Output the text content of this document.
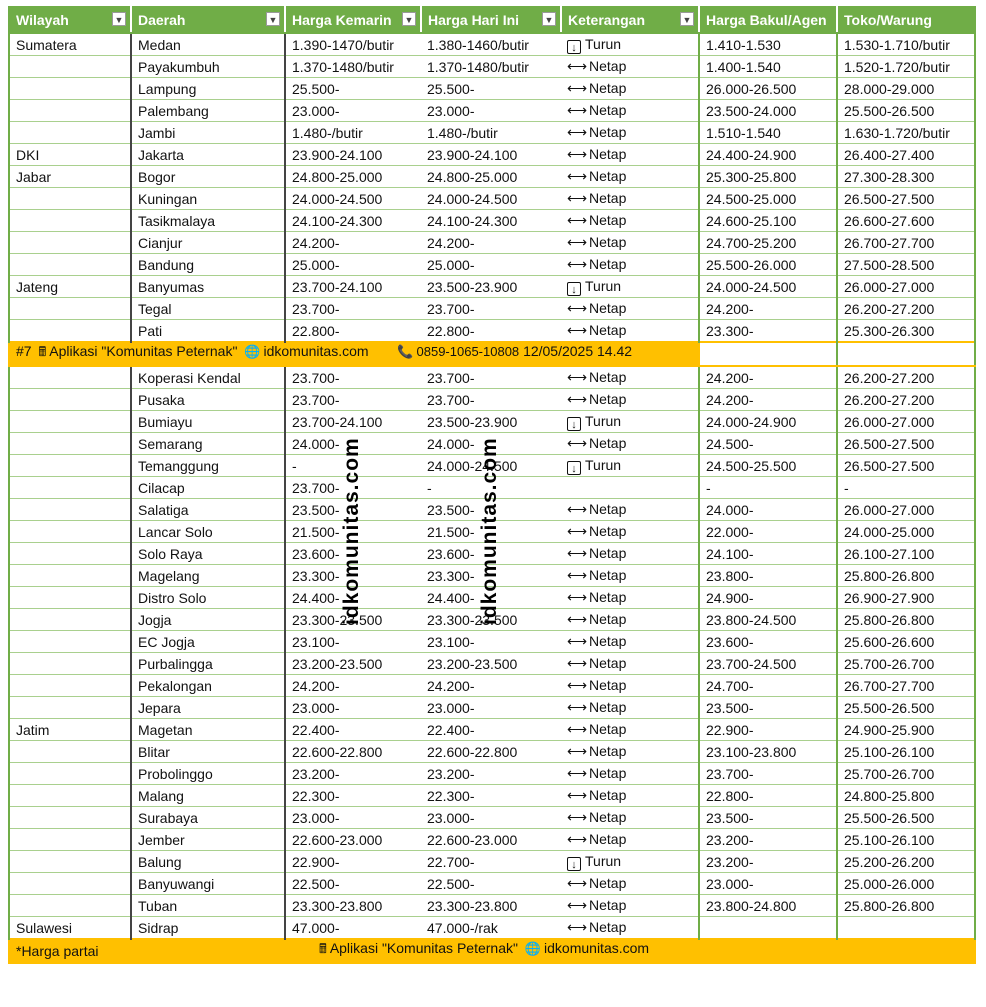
Wilayah ▼	Daerah ▼	Harga Kemarin ▼	Harga Hari Ini ▼	Keterangan ▼	Harga Bakul/Agen	Toko/Warung
Sumatera	Medan	1.390-1470/butir	1.380-1460/butir	↓ Turun	1.410-1.530	1.530-1.710/butir
	Payakumbuh	1.370-1480/butir	1.370-1480/butir	⟷ Netap	1.400-1.540	1.520-1.720/butir
	Lampung	25.500-	25.500-	⟷ Netap	26.000-26.500	28.000-29.000
	Palembang	23.000-	23.000-	⟷ Netap	23.500-24.000	25.500-26.500
	Jambi	1.480-/butir	1.480-/butir	⟷ Netap	1.510-1.540	1.630-1.720/butir
DKI	Jakarta	23.900-24.100	23.900-24.100	⟷ Netap	24.400-24.900	26.400-27.400
Jabar	Bogor	24.800-25.000	24.800-25.000	⟷ Netap	25.300-25.800	27.300-28.300
	Kuningan	24.000-24.500	24.000-24.500	⟷ Netap	24.500-25.000	26.500-27.500
	Tasikmalaya	24.100-24.300	24.100-24.300	⟷ Netap	24.600-25.100	26.600-27.600
	Cianjur	24.200-	24.200-	⟷ Netap	24.700-25.200	26.700-27.700
	Bandung	25.000-	25.000-	⟷ Netap	25.500-26.000	27.500-28.500
Jateng	Banyumas	23.700-24.100	23.500-23.900	↓ Turun	24.000-24.500	26.000-27.000
	Tegal	23.700-	23.700-	⟷ Netap	24.200-	26.200-27.200
	Pati	22.800-	22.800-	⟷ Netap	23.300-	25.300-26.300
#7 🖩 Aplikasi "Komunitas Peternak" 🌐 idkomunitas.com 📞 0859-1065-10808 12/05/2025 14.42						
	Koperasi Kendal	23.700-	23.700-	⟷ Netap	24.200-	26.200-27.200
	Pusaka	23.700-	23.700-	⟷ Netap	24.200-	26.200-27.200
	Bumiayu	23.700-24.100	23.500-23.900	↓ Turun	24.000-24.900	26.000-27.000
	Semarang	24.000-	24.000-	⟷ Netap	24.500-	26.500-27.500
	Temanggung	-	24.000-24.500	↓ Turun	24.500-25.500	26.500-27.500
	Cilacap	23.700-	-		-	-
	Salatiga	23.500-	23.500-	⟷ Netap	24.000-	26.000-27.000
	Lancar Solo	21.500-	21.500-	⟷ Netap	22.000-	24.000-25.000
	Solo Raya	23.600-	23.600-	⟷ Netap	24.100-	26.100-27.100
	Magelang	23.300-	23.300-	⟷ Netap	23.800-	25.800-26.800
	Distro Solo	24.400-	24.400-	⟷ Netap	24.900-	26.900-27.900
	Jogja	23.300-23.500	23.300-23.500	⟷ Netap	23.800-24.500	25.800-26.800
	EC Jogja	23.100-	23.100-	⟷ Netap	23.600-	25.600-26.600
	Purbalingga	23.200-23.500	23.200-23.500	⟷ Netap	23.700-24.500	25.700-26.700
	Pekalongan	24.200-	24.200-	⟷ Netap	24.700-	26.700-27.700
	Jepara	23.000-	23.000-	⟷ Netap	23.500-	25.500-26.500
Jatim	Magetan	22.400-	22.400-	⟷ Netap	22.900-	24.900-25.900
	Blitar	22.600-22.800	22.600-22.800	⟷ Netap	23.100-23.800	25.100-26.100
	Probolinggo	23.200-	23.200-	⟷ Netap	23.700-	25.700-26.700
	Malang	22.300-	22.300-	⟷ Netap	22.800-	24.800-25.800
	Surabaya	23.000-	23.000-	⟷ Netap	23.500-	25.500-26.500
	Jember	22.600-23.000	22.600-23.000	⟷ Netap	23.200-	25.100-26.100
	Balung	22.900-	22.700-	↓ Turun	23.200-	25.200-26.200
	Banyuwangi	22.500-	22.500-	⟷ Netap	23.000-	25.000-26.000
	Tuban	23.300-23.800	23.300-23.800	⟷ Netap	23.800-24.800	25.800-26.800
Sulawesi	Sidrap	47.000-	47.000-/rak	⟷ Netap		
*Harga partai		🖩 Aplikasi "Komunitas Peternak" 🌐 idkomunitas.com				
idkomunitas.com	idkomunitas.com
